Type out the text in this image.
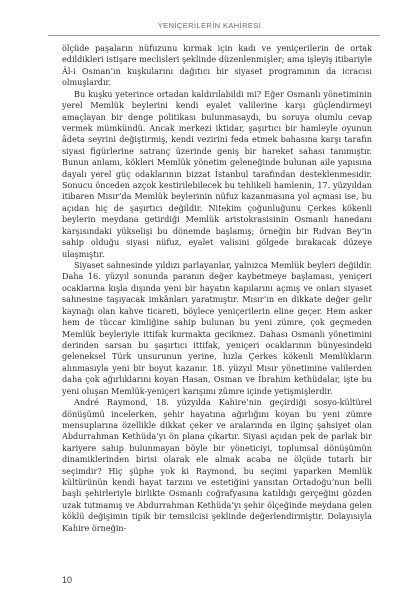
YENİÇERİLERİN KAHİRESİ

ölçüde paşaların nüfuzunu kırmak için kadı ve yeniçerilerin de ortak edildikleri istişare meclisleri şeklinde düzenlenmişler; ama işleyiş itibariyle Âl-i Osman’ın kuşkularını dağıtıcı bir siyaset programının da icracısı olmuşlardır.

Bu kuşku yeterince ortadan kaldırılabildi mi? Eğer Osmanlı yönetiminin yerel Memlük beylerini kendi eyalet valilerine karşı güçlendirmeyi amaçlayan bir denge politikası bulunmasaydı, bu soruya olumlu cevap vermek mümkündü. Ancak merkezi iktidar, şaşırtıcı bir hamleyle oyunun âdeta seyrini değiştirmiş, kendi vezirini feda etmek bahasına karşı tarafın siyasi figürlerine satranç üzerinde geniş bir hareket sahası tanımıştır. Bunun anlamı, kökleri Memlük yönetim geleneğinde bulunan aile yapısına dayalı yerel güç odaklarının bizzat İstanbul tarafından desteklenmesidir. Sonucu önceden azçok kestirilebilecek bu tehlikeli hamlenin, 17. yüzyıldan itibaren Mısır’da Memlük beylerinin nüfuz kazanmasına yol açması ise, bu açıdan hiç de şaşırtıcı değildir. Nitekim çoğunluğunu Çerkes kökenli beylerin meydana getirdiği Memlük aristokrasisinin Osmanlı hanedanı karşısındaki yükselişi bu dönemde başlamış; örneğin bir Rıdvan Bey’in sahip olduğu siyasi nüfuz, eyalet valisini gölgede bırakacak düzeye ulaşmıştır.

Siyaset sahnesinde yıldızı parlayanlar, yalnızca Memlük beyleri değildir. Daha 16. yüzyıl sonunda paranın değer kaybetmeye başlaması, yeniçeri ocaklarına kışla dışında yeni bir hayatın kapılarını açmış ve onları siyaset sahnesine taşıyacak imkânları yaratmıştır. Mısır’ın en dikkate değer gelir kaynağı olan kahve ticareti, böylece yeniçerilerin eline geçer. Hem asker hem de tüccar kimliğine sahip bulunan bu yeni zümre, çok geçmeden Memlük beyleriyle ittifak kurmakta gecikmez. Dahası Osmanlı yönetimini derinden sarsan bu şaşırtıcı ittifak, yeniçeri ocaklarının bünyesindeki geleneksel Türk unsurunun yerine, hızla Çerkes kökenli Memlükların alınmasıyla yeni bir boyut kazanır. 18. yüzyıl Mısır yönetimine valilerden daha çok ağırlıklarını koyan Hasan, Osman ve İbrahim kethüdalar, işte bu yeni oluşan Memlük-yeniçeri karışımı zümre içinde yetişmişlerdir.

André Raymond, 18. yüzyılda Kahire’nin geçirdiği sosyo-kültürel dönüşümü incelerken, şehir hayatına ağırlığını koyan bu yeni zümre mensuplarına özellikle dikkat çeker ve aralarında en ilginç şahsiyet olan Abdurrahman Kethüda’yı ön plana çıkartır. Siyasi açıdan pek de parlak bir kariyere sahip bulunmayan böyle bir yöneticiyi, toplumsal dönüşümün dinamiklerinden birisi olarak ele almak acaba ne ölçüde tutarlı bir seçimdir? Hiç şüphe yok ki Raymond, bu seçimi yaparken Memlük kültürünün kendi hayat tarzını ve estetiğini yansıtan Ortadoğu’nun belli başlı şehirleriyle birlikte Osmanlı coğrafyasına katıldığı gerçeğini gözden uzak tutmamış ve Abdurrahman Kethüda’yı şehir ölçeğinde meydana gelen köklü değişimin tipik bir temsilcisi şeklinde değerlendirmiştir. Dolayısıyla Kahire örneğin-

10
